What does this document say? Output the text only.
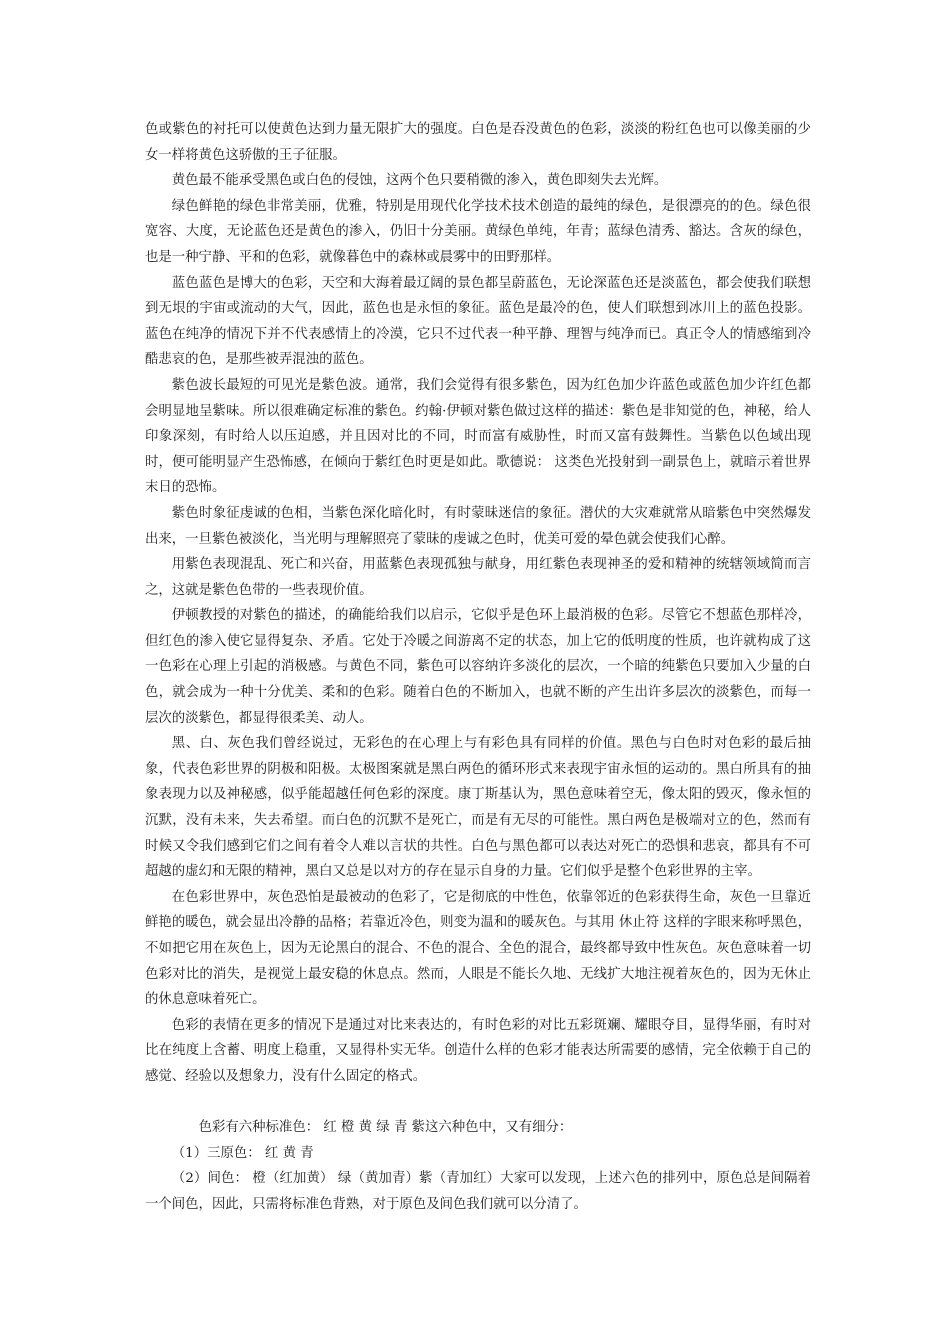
色或紫色的衬托可以使黄色达到力量无限扩大的强度。白色是吞没黄色的色彩，淡淡的粉红色也可以像美丽的少女一样将黄色这骄傲的王子征服。

黄色最不能承受黑色或白色的侵蚀，这两个色只要稍微的渗入，黄色即刻失去光辉。

绿色鲜艳的绿色非常美丽，优雅，特别是用现代化学技术技术创造的最纯的绿色，是很漂亮的的色。绿色很宽容、大度，无论蓝色还是黄色的渗入，仍旧十分美丽。黄绿色单纯，年青；蓝绿色清秀、豁达。含灰的绿色，也是一种宁静、平和的色彩，就像暮色中的森林或晨雾中的田野那样。

蓝色蓝色是博大的色彩，天空和大海着最辽阔的景色都呈蔚蓝色，无论深蓝色还是淡蓝色，都会使我们联想到无垠的宇宙或流动的大气，因此，蓝色也是永恒的象征。蓝色是最冷的色，使人们联想到冰川上的蓝色投影。蓝色在纯净的情况下并不代表感情上的冷漠，它只不过代表一种平静、理智与纯净而已。真正令人的情感缩到冷酷悲哀的色，是那些被弄混浊的蓝色。

紫色波长最短的可见光是紫色波。通常，我们会觉得有很多紫色，因为红色加少许蓝色或蓝色加少许红色都会明显地呈紫味。所以很难确定标准的紫色。约翰·伊顿对紫色做过这样的描述：紫色是非知觉的色，神秘，给人印象深刻，有时给人以压迫感，并且因对比的不同，时而富有威胁性，时而又富有鼓舞性。当紫色以色域出现时，便可能明显产生恐怖感，在倾向于紫红色时更是如此。歌德说： 这类色光投射到一副景色上，就暗示着世界末日的恐怖。

紫色时象征虔诚的色相，当紫色深化暗化时，有时蒙昧迷信的象征。潜伏的大灾难就常从暗紫色中突然爆发出来，一旦紫色被淡化，当光明与理解照亮了蒙昧的虔诚之色时，优美可爱的晕色就会使我们心醉。

用紫色表现混乱、死亡和兴奋，用蓝紫色表现孤独与献身，用红紫色表现神圣的爱和精神的统辖领域简而言之，这就是紫色色带的一些表现价值。

伊顿教授的对紫色的描述，的确能给我们以启示，它似乎是色环上最消极的色彩。尽管它不想蓝色那样冷，但红色的渗入使它显得复杂、矛盾。它处于冷暖之间游离不定的状态，加上它的低明度的性质，也许就构成了这一色彩在心理上引起的消极感。与黄色不同，紫色可以容纳许多淡化的层次，一个暗的纯紫色只要加入少量的白色，就会成为一种十分优美、柔和的色彩。随着白色的不断加入，也就不断的产生出许多层次的淡紫色，而每一层次的淡紫色，都显得很柔美、动人。

黑、白、灰色我们曾经说过，无彩色的在心理上与有彩色具有同样的价值。黑色与白色时对色彩的最后抽象，代表色彩世界的阴极和阳极。太极图案就是黑白两色的循环形式来表现宇宙永恒的运动的。黑白所具有的抽象表现力以及神秘感，似乎能超越任何色彩的深度。康丁斯基认为，黑色意味着空无，像太阳的毁灭，像永恒的沉默，没有未来，失去希望。而白色的沉默不是死亡，而是有无尽的可能性。黑白两色是极端对立的色，然而有时候又令我们感到它们之间有着令人难以言状的共性。白色与黑色都可以表达对死亡的恐惧和悲哀，都具有不可超越的虚幻和无限的精神，黑白又总是以对方的存在显示自身的力量。它们似乎是整个色彩世界的主宰。

在色彩世界中，灰色恐怕是最被动的色彩了，它是彻底的中性色，依靠邻近的色彩获得生命，灰色一旦靠近鲜艳的暖色，就会显出冷静的品格；若靠近冷色，则变为温和的暖灰色。与其用 休止符 这样的字眼来称呼黑色，不如把它用在灰色上，因为无论黑白的混合、不色的混合、全色的混合，最终都导致中性灰色。灰色意味着一切色彩对比的消失，是视觉上最安稳的休息点。然而，人眼是不能长久地、无线扩大地注视着灰色的，因为无休止的休息意味着死亡。

色彩的表情在更多的情况下是通过对比来表达的，有时色彩的对比五彩斑斓、耀眼夺目，显得华丽，有时对比在纯度上含蓄、明度上稳重，又显得朴实无华。创造什么样的色彩才能表达所需要的感情，完全依赖于自己的感觉、经验以及想象力，没有什么固定的格式。

色彩有六种标准色： 红 橙 黄 绿 青 紫这六种色中，又有细分：

（1）三原色： 红 黄 青

（2）间色： 橙（红加黄） 绿（黄加青）紫（青加红）大家可以发现，上述六色的排列中，原色总是间隔着一个间色，因此，只需将标准色背熟，对于原色及间色我们就可以分清了。
